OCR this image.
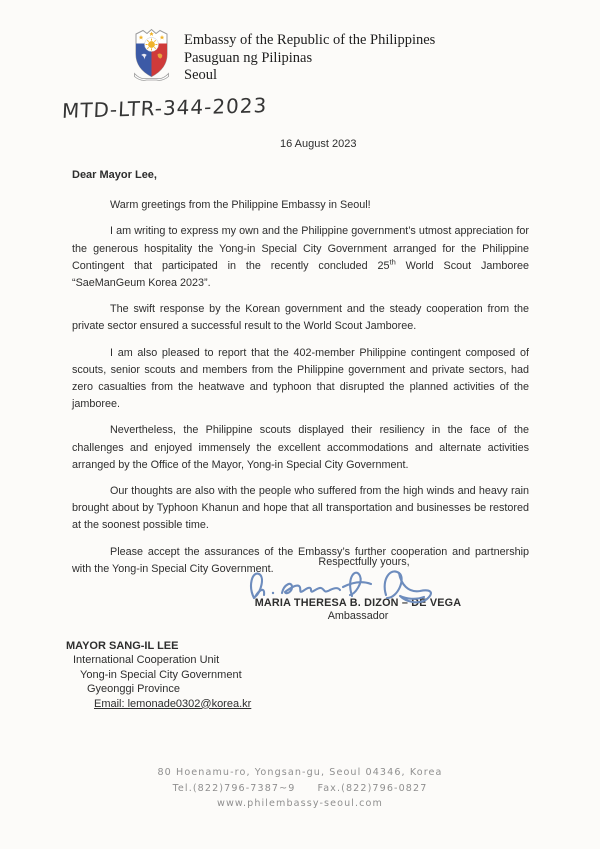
Embassy of the Republic of the Philippines
Pasuguan ng Pilipinas
Seoul
MTD-LTR-344-2023
16 August 2023
Dear Mayor Lee,

Warm greetings from the Philippine Embassy in Seoul!

I am writing to express my own and the Philippine government’s utmost appreciation for the generous hospitality the Yong-in Special City Government arranged for the Philippine Contingent that participated in the recently concluded 25th World Scout Jamboree “SaeManGeum Korea 2023”.

The swift response by the Korean government and the steady cooperation from the private sector ensured a successful result to the World Scout Jamboree.

I am also pleased to report that the 402-member Philippine contingent composed of scouts, senior scouts and members from the Philippine government and private sectors, had zero casualties from the heatwave and typhoon that disrupted the planned activities of the jamboree.

Nevertheless, the Philippine scouts displayed their resiliency in the face of the challenges and enjoyed immensely the excellent accommodations and alternate activities arranged by the Office of the Mayor, Yong-in Special City Government.

Our thoughts are also with the people who suffered from the high winds and heavy rain brought about by Typhoon Khanun and hope that all transportation and businesses be restored at the soonest possible time.

Please accept the assurances of the Embassy’s further cooperation and partnership with the Yong-in Special City Government.

Respectfully yours,
MARIA THERESA B. DIZON – DE VEGA
Ambassador
MAYOR SANG-IL LEE
International Cooperation Unit
Yong-in Special City Government
Gyeonggi Province
Email: lemonade0302@korea.kr
80 Hoenamu-ro, Yongsan-gu, Seoul 04346, Korea
Tel.(822)796-7387~9 Fax.(822)796-0827
www.philembassy-seoul.com
